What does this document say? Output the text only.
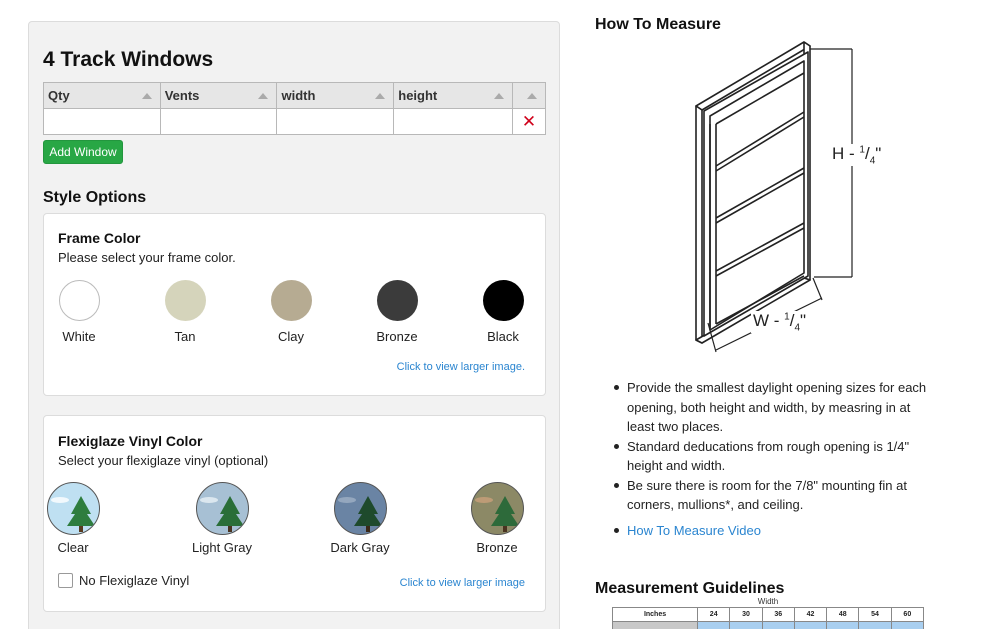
4 Track Windows
Qty	Vents	width	height

				✕
Add Window
Style Options
Frame Color
Please select your frame color.
White	Tan	Clay	Bronze	Black
Click to view larger image.
Flexiglaze Vinyl Color
Select your flexiglaze vinyl (optional)
Clear	Light Gray	Dark Gray	Bronze
No Flexiglaze Vinyl	Click to view larger image
How To Measure
H - $^1/_4$"
W - $^1/_4$"
Provide the smallest daylight opening sizes for each opening, both height and width, by measring in at least two places.
Standard deducations from rough opening is 1/4" height and width.
Be sure there is room for the 7/8" mounting fin at corners, mullions*, and ceiling.
How To Measure Video
Measurement Guidelines
Width
Inches	24	30	36	42	48	54	60
